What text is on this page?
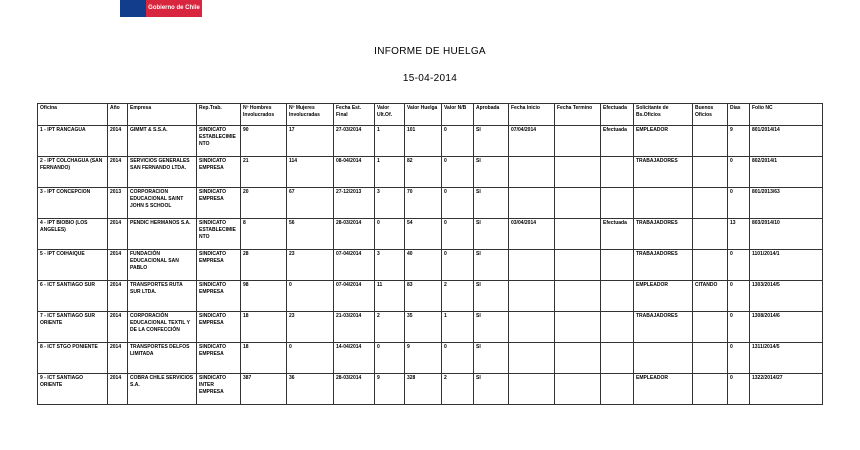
Gobierno de Chile
INFORME DE HUELGA
15-04-2014
Oficina	Año	Empresa	Rep.Trab.	Nº Hombres Involucrados	Nº Mujeres Involucradas	Fecha Est. Final	Valor Ult.Of.	Valor Huelga	Valor N/B	Aprobada	Fecha Inicio	Fecha Termino	Efectuada	Solicitante de Bs.Oficios	Buenos Oficios	Días	Folio NC
1 - IPT RANCAGUA	2014	GIMMT & S.S.A.	SINDICATO ESTABLECIMIENTO	90	17	27-03/2014	1	101	0	SI	07/04/2014		Efectuada	EMPLEADOR		9	801/2014/14
2 - IPT COLCHAGUA (SAN FERNANDO)	2014	SERVICIOS GENERALES SAN FERNANDO LTDA.	SINDICATO EMPRESA	21	114	08-04/2014	1	82	0	SI				TRABAJADORES		0	802/2014/1
3 - IPT CONCEPCION	2013	CORPORACION EDUCACIONAL SAINT JOHN S SCHOOL	SINDICATO EMPRESA	20	67	27-12/2013	3	70	0	SI						0	801/2013/63
4 - IPT BIOBIO (LOS ANGELES)	2014	PENDIC HERMANOS S.A.	SINDICATO ESTABLECIMIENTO	8	56	28-03/2014	0	54	0	SI	03/04/2014		Efectuada	TRABAJADORES		13	803/2014/10
5 - IPT COIHAIQUE	2014	FUNDACIÓN EDUCACIONAL SAN PABLO	SINDICATO EMPRESA	28	23	07-04/2014	3	40	0	SI				TRABAJADORES		0	1101/2014/1
6 - ICT SANTIAGO SUR	2014	TRANSPORTES RUTA SUR LTDA.	SINDICATO EMPRESA	98	0	07-04/2014	11	83	2	SI				EMPLEADOR	CITANDO	0	1303/2014/5
7 - ICT SANTIAGO SUR ORIENTE	2014	CORPORACIÓN EDUCACIONAL TEXTIL Y DE LA CONFECCIÓN	SINDICATO EMPRESA	18	23	21-03/2014	2	35	1	SI				TRABAJADORES		0	1308/2014/6
8 - ICT STGO PONIENTE	2014	TRANSPORTES DELFOS LIMITADA	SINDICATO EMPRESA	18	0	14-04/2014	0	9	0	SI						0	1311/2014/5
9 - ICT SANTIAGO ORIENTE	2014	COBRA CHILE SERVICIOS S.A.	SINDICATO INTER EMPRESA	387	36	28-03/2014	9	328	2	SI				EMPLEADOR		0	1322/2014/27
